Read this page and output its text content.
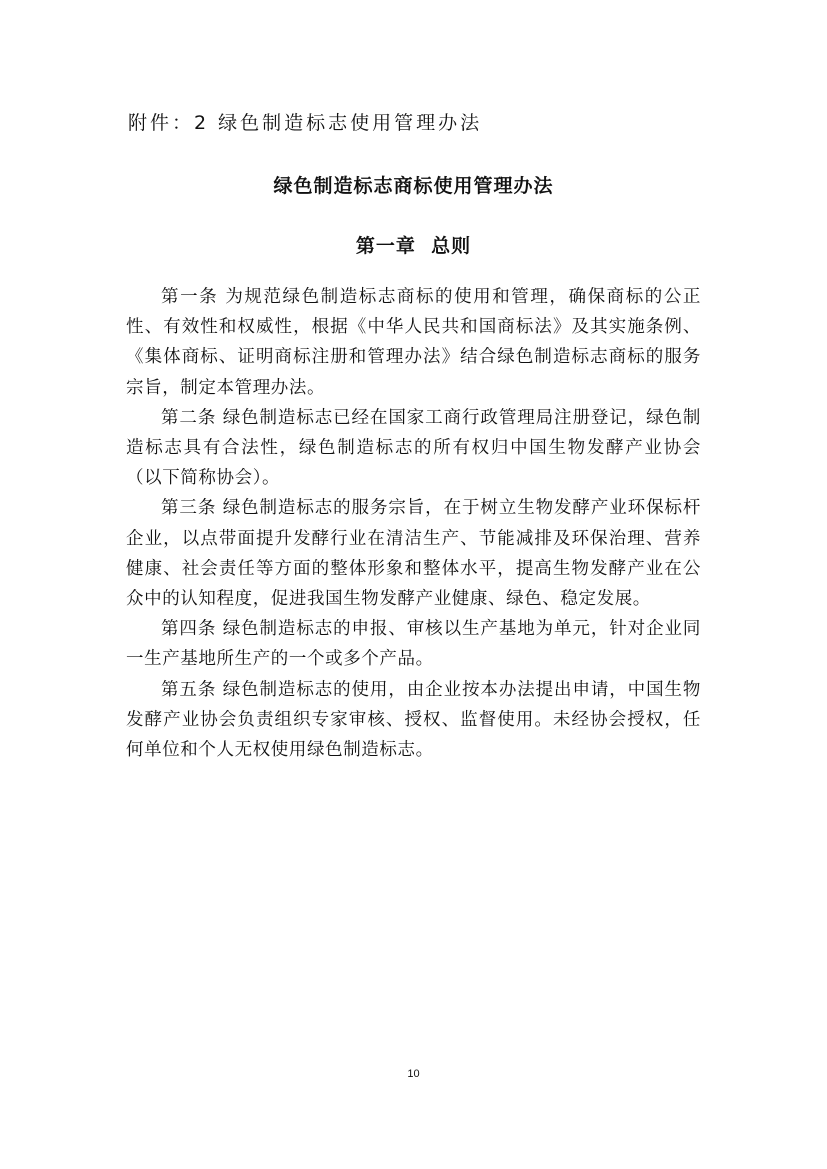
附件：2 绿色制造标志使用管理办法
绿色制造标志商标使用管理办法
第一章  总则

第一条 为规范绿色制造标志商标的使用和管理，确保商标的公正性、有效性和权威性，根据《中华人民共和国商标法》及其实施条例、《集体商标、证明商标注册和管理办法》结合绿色制造标志商标的服务宗旨，制定本管理办法。

第二条 绿色制造标志已经在国家工商行政管理局注册登记，绿色制造标志具有合法性，绿色制造标志的所有权归中国生物发酵产业协会（以下简称协会）。

第三条 绿色制造标志的服务宗旨，在于树立生物发酵产业环保标杆企业，以点带面提升发酵行业在清洁生产、节能减排及环保治理、营养健康、社会责任等方面的整体形象和整体水平，提高生物发酵产业在公众中的认知程度，促进我国生物发酵产业健康、绿色、稳定发展。

第四条 绿色制造标志的申报、审核以生产基地为单元，针对企业同一生产基地所生产的一个或多个产品。

第五条 绿色制造标志的使用，由企业按本办法提出申请，中国生物发酵产业协会负责组织专家审核、授权、监督使用。未经协会授权，任何单位和个人无权使用绿色制造标志。

10
